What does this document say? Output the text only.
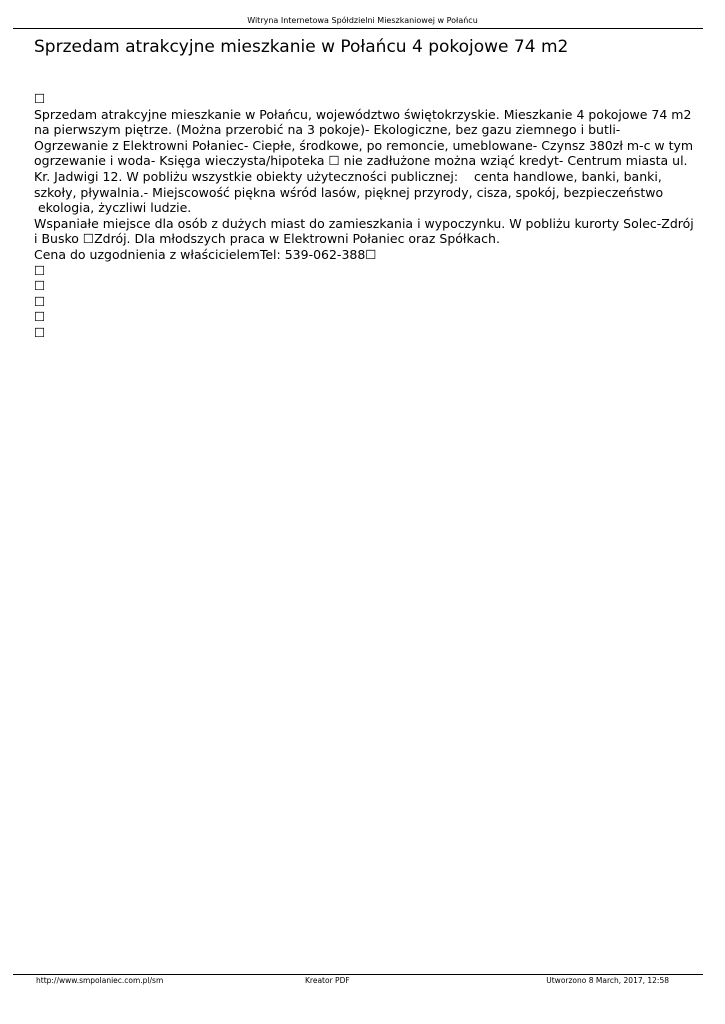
Witryna Internetowa Spółdzielni Mieszkaniowej w Połańcu
Sprzedam atrakcyjne mieszkanie w Połańcu 4 pokojowe 74 m2
☐
Sprzedam atrakcyjne mieszkanie w Połańcu, województwo świętokrzyskie. Mieszkanie 4 pokojowe 74 m2
na pierwszym piętrze. (Można przerobić na 3 pokoje)- Ekologiczne, bez gazu ziemnego i butli-
Ogrzewanie z Elektrowni Połaniec- Ciepłe, środkowe, po remoncie, umeblowane- Czynsz 380zł m-c w tym
ogrzewanie i woda- Księga wieczysta/hipoteka ☐ nie zadłużone można wziąć kredyt- Centrum miasta ul.
Kr. Jadwigi 12. W pobliżu wszystkie obiekty użyteczności publicznej:    centa handlowe, banki, banki,
szkoły, pływalnia.- Miejscowość piękna wśród lasów, pięknej przyrody, cisza, spokój, bezpieczeństwo
ekologia, życzliwi ludzie.
Wspaniałe miejsce dla osób z dużych miast do zamieszkania i wypoczynku. W pobliżu kurorty Solec-Zdrój
i Busko ☐Zdrój. Dla młodszych praca w Elektrowni Połaniec oraz Spółkach.
Cena do uzgodnienia z właścicielemTel: 539-062-388☐
☐
☐
☐
☐
☐
http://www.smpolaniec.com.pl/sm	Kreator PDF	Utworzono 8 March, 2017, 12:58
